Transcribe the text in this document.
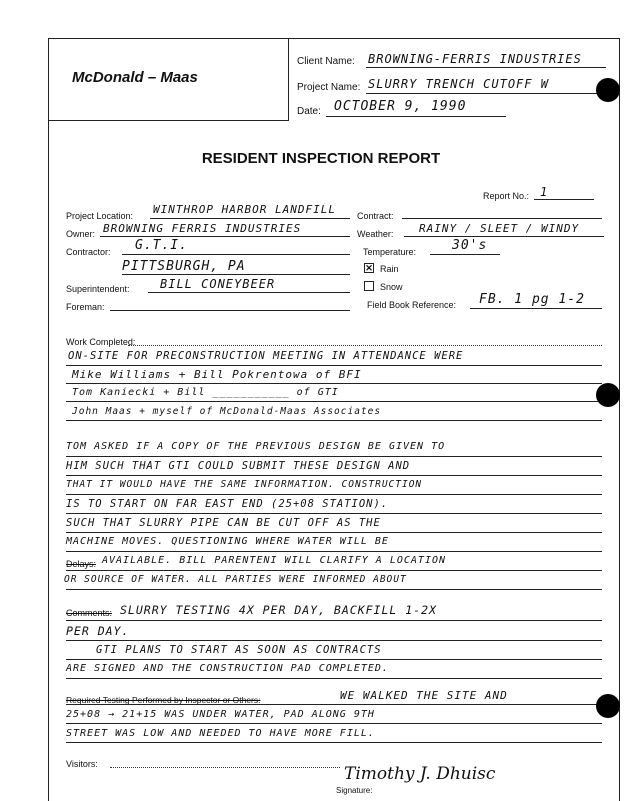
McDonald – Maas
Client Name: BROWNING-FERRIS INDUSTRIES
Project Name: SLURRY TRENCH CUTOFF W
Date: OCTOBER 9, 1990
RESIDENT INSPECTION REPORT
Report No.: 1
Project Location: WINTHROP HARBOR LANDFILL
Owner: BROWNING FERRIS INDUSTRIES
Contractor: G.T.I.
PITTSBURGH, PA
Superintendent:	BILL CONEYBEER
Foreman:
Contract:
Weather: RAINY / SLEET / WINDY
Temperature:	30's
✕ Rain
Snow
Field Book Reference: FB. 1 pg 1-2
Work Completed:
ON-SITE FOR PRECONSTRUCTION MEETING IN ATTENDANCE WERE
Mike Williams + Bill Pokrentowa of BFI
Tom Kaniecki + Bill ___________ of GTI
John Maas + myself of McDonald-Maas Associates
TOM ASKED IF A COPY OF THE PREVIOUS DESIGN BE GIVEN TO
HIM SUCH THAT GTI COULD SUBMIT THESE DESIGN AND
THAT IT WOULD HAVE THE SAME INFORMATION. CONSTRUCTION
IS TO START ON FAR EAST END (25+08 STATION).
SUCH THAT SLURRY PIPE CAN BE CUT OFF AS THE
MACHINE MOVES. QUESTIONING WHERE WATER WILL BE
Delays: AVAILABLE. BILL PARENTENI WILL CLARIFY A LOCATION
OR SOURCE OF WATER. ALL PARTIES WERE INFORMED ABOUT
Comments: SLURRY TESTING 4X PER DAY, BACKFILL 1-2X
PER DAY.
GTI PLANS TO START AS SOON AS CONTRACTS
ARE SIGNED AND THE CONSTRUCTION PAD COMPLETED.
Required Testing Performed by Inspector or Others:	WE WALKED THE SITE AND
25+08 → 21+15 WAS UNDER WATER, PAD ALONG 9TH
STREET WAS LOW AND NEEDED TO HAVE MORE FILL.
Visitors:
Signature:
Timothy J. Dhuisc
